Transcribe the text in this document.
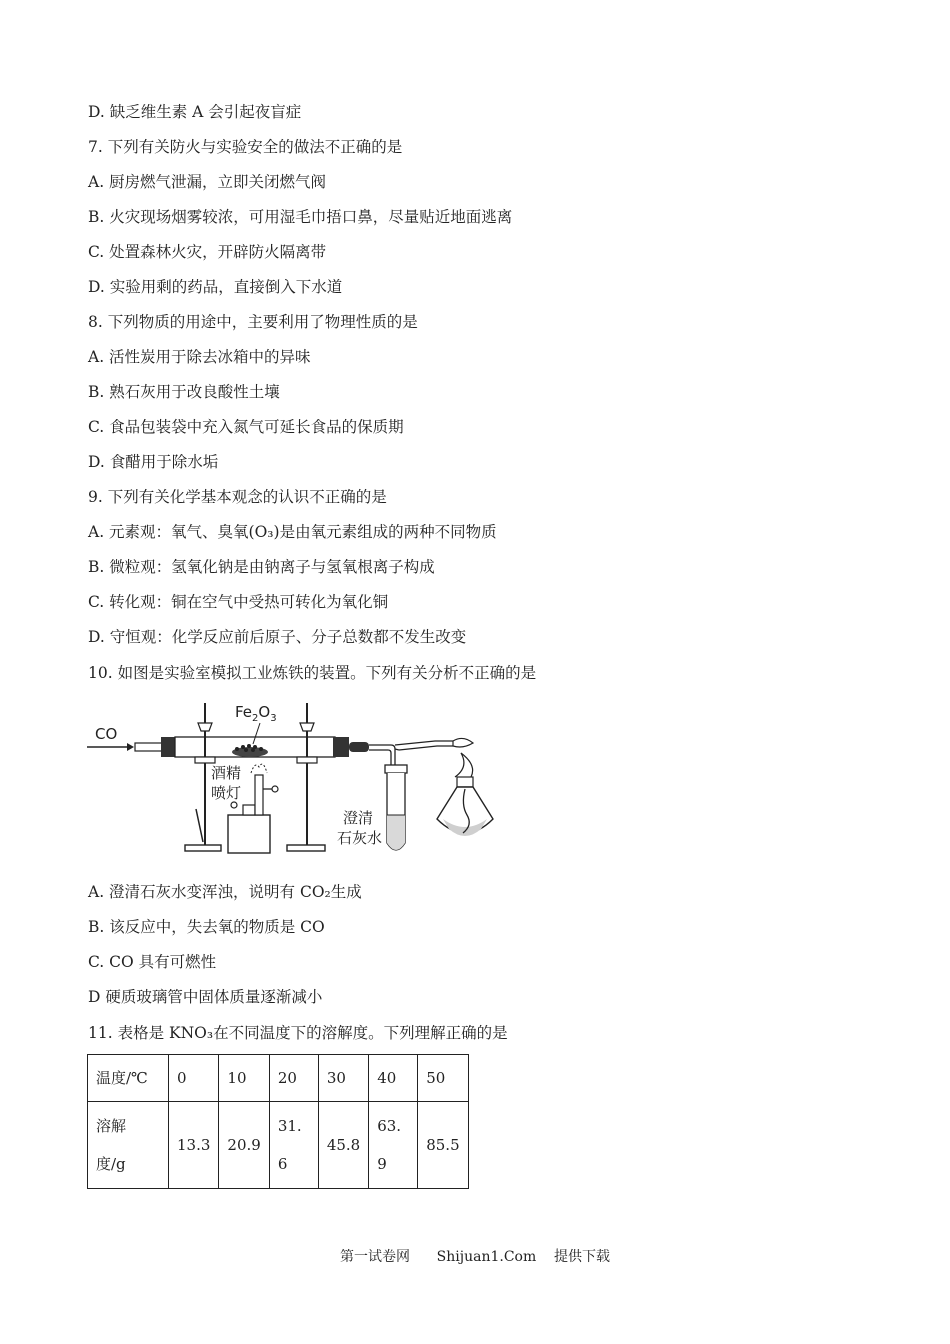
D. 缺乏维生素 A 会引起夜盲症
7. 下列有关防火与实验安全的做法不正确的是
A. 厨房燃气泄漏，立即关闭燃气阀
B. 火灾现场烟雾较浓，可用湿毛巾捂口鼻，尽量贴近地面逃离
C. 处置森林火灾，开辟防火隔离带
D. 实验用剩的药品，直接倒入下水道
8. 下列物质的用途中，主要利用了物理性质的是
A. 活性炭用于除去冰箱中的异味
B. 熟石灰用于改良酸性土壤
C. 食品包装袋中充入氮气可延长食品的保质期
D. 食醋用于除水垢
9. 下列有关化学基本观念的认识不正确的是
A. 元素观：氧气、臭氧(O₃)是由氧元素组成的两种不同物质
B. 微粒观：氢氧化钠是由钠离子与氢氧根离子构成
C. 转化观：铜在空气中受热可转化为氧化铜
D. 守恒观：化学反应前后原子、分子总数都不发生改变
10. 如图是实验室模拟工业炼铁的装置。下列有关分析不正确的是
CO
$Fe_2O_3$
酒精
喷灯
澄清
石灰水
A. 澄清石灰水变浑浊，说明有 CO₂生成
B. 该反应中，失去氧的物质是 CO
C. CO 具有可燃性
D 硬质玻璃管中固体质量逐渐减小
11. 表格是 KNO₃在不同温度下的溶解度。下列理解正确的是
温度/℃	0	10	20	30	40	50

溶解度/g	13.3	20.9	31.6	45.8	63.9	85.5
第一试卷网      Shijuan1.Com    提供下载
